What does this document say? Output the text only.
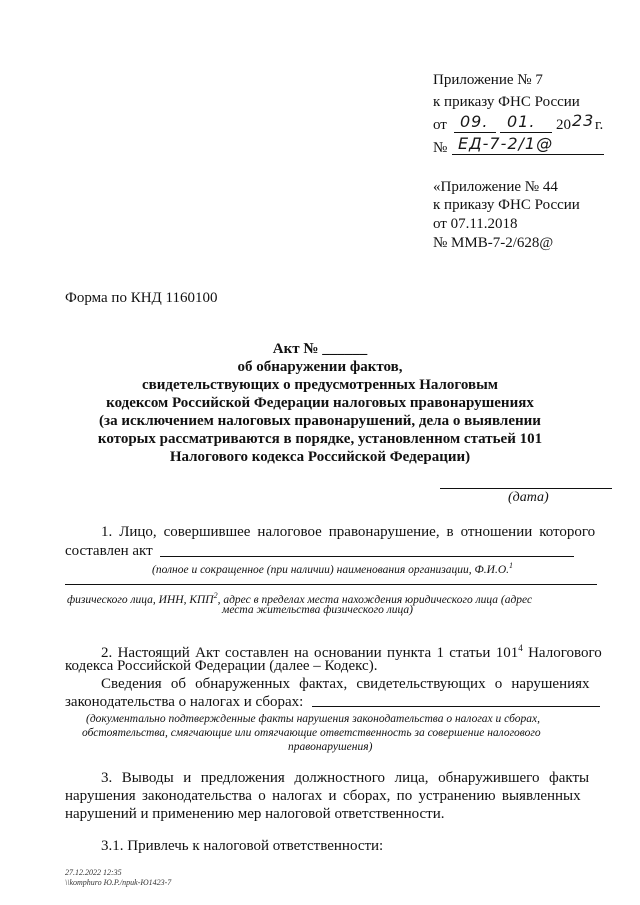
Приложение № 7
к приказу ФНС России
от 09. 01. 20 23 г.
№ ЕД-7-2/1@
«Приложение № 44
к приказу ФНС России
от 07.11.2018
№ ММВ-7-2/628@
Форма по КНД 1160100
Акт № ______
об обнаружении фактов,
свидетельствующих о предусмотренных Налоговым
кодексом Российской Федерации налоговых правонарушениях
(за исключением налоговых правонарушений, дела о выявлении
которых рассматриваются в порядке, установленном статьей 101
Налогового кодекса Российской Федерации)
(дата)
1. Лицо, совершившее налоговое правонарушение, в отношении которого
составлен акт
(полное и сокращенное (при наличии) наименования организации, Ф.И.О.$^1$
физического лица, ИНН, КПП$^2$, адрес в пределах места нахождения юридического лица (адрес
места жительства физического лица)
2. Настоящий Акт составлен на основании пункта 1 статьи $101^4$ Налогового
кодекса Российской Федерации (далее – Кодекс).
Сведения об обнаруженных фактах, свидетельствующих о нарушениях
законодательства о налогах и сборах:
(документально подтвержденные факты нарушения законодательства о налогах и сборах,
обстоятельства, смягчающие или отягчающие ответственность за совершение налогового
правонарушения)
3. Выводы и предложения должностного лица, обнаружившего факты
нарушения законодательства о налогах и сборах, по устранению выявленных
нарушений и применению мер налоговой ответственности.
3.1. Привлечь к налоговой ответственности:
27.12.2022 12:35
\\komphuro Ю.Р./приk-Ю1423-7
